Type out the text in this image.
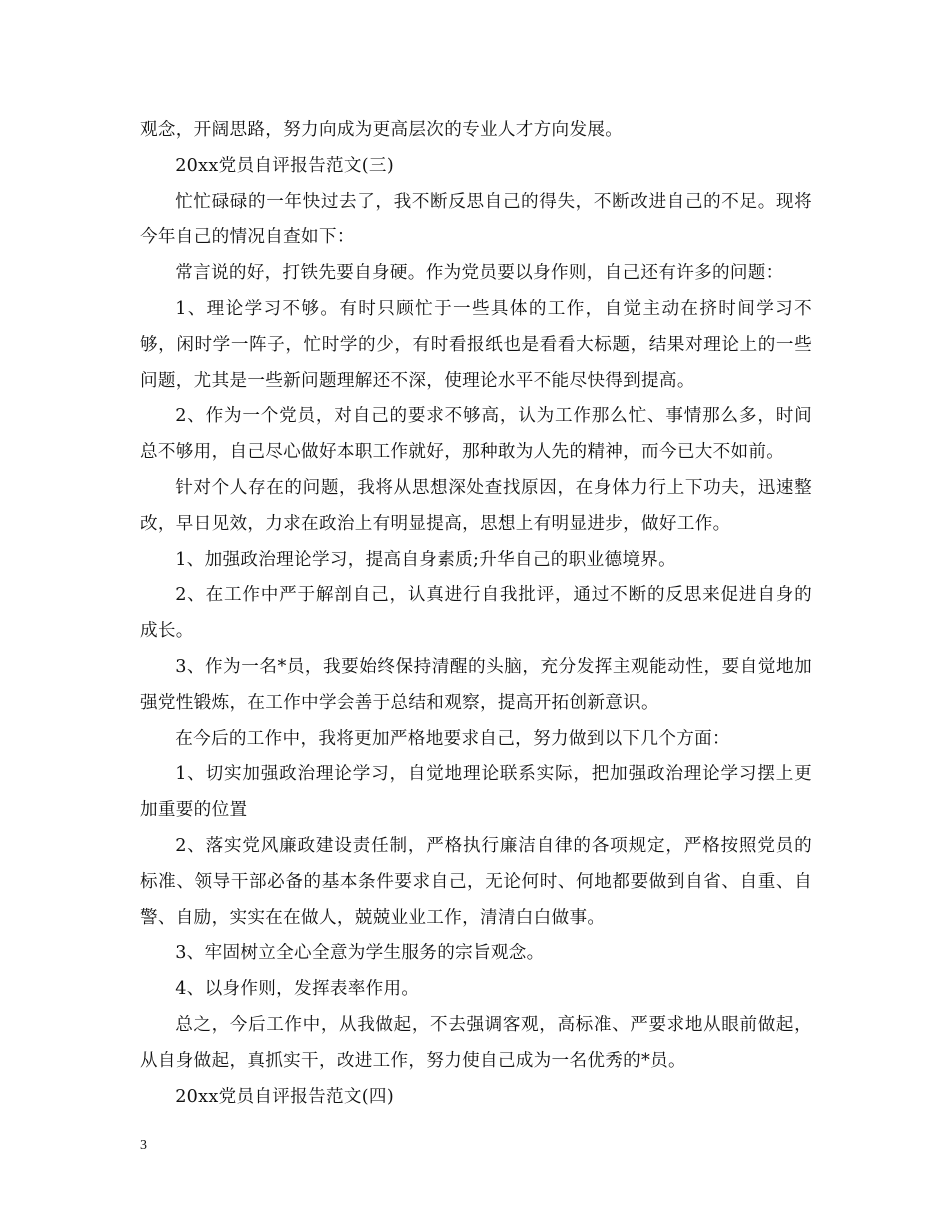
观念，开阔思路，努力向成为更高层次的专业人才方向发展。

20xx党员自评报告范文(三)

忙忙碌碌的一年快过去了，我不断反思自己的得失，不断改进自己的不足。现将今年自己的情况自查如下：

常言说的好，打铁先要自身硬。作为党员要以身作则，自己还有许多的问题：

1、理论学习不够。有时只顾忙于一些具体的工作，自觉主动在挤时间学习不够，闲时学一阵子，忙时学的少，有时看报纸也是看看大标题，结果对理论上的一些问题，尤其是一些新问题理解还不深，使理论水平不能尽快得到提高。

2、作为一个党员，对自己的要求不够高，认为工作那么忙、事情那么多，时间总不够用，自己尽心做好本职工作就好，那种敢为人先的精神，而今已大不如前。

针对个人存在的问题，我将从思想深处查找原因，在身体力行上下功夫，迅速整改，早日见效，力求在政治上有明显提高，思想上有明显进步，做好工作。

1、加强政治理论学习，提高自身素质;升华自己的职业德境界。

2、在工作中严于解剖自己，认真进行自我批评，通过不断的反思来促进自身的成长。

3、作为一名*员，我要始终保持清醒的头脑，充分发挥主观能动性，要自觉地加强党性锻炼，在工作中学会善于总结和观察，提高开拓创新意识。

在今后的工作中，我将更加严格地要求自己，努力做到以下几个方面：

1、切实加强政治理论学习，自觉地理论联系实际，把加强政治理论学习摆上更加重要的位置

2、落实党风廉政建设责任制，严格执行廉洁自律的各项规定，严格按照党员的标准、领导干部必备的基本条件要求自己，无论何时、何地都要做到自省、自重、自警、自励，实实在在做人，兢兢业业工作，清清白白做事。

3、牢固树立全心全意为学生服务的宗旨观念。

4、以身作则，发挥表率作用。

总之，今后工作中，从我做起，不去强调客观，高标准、严要求地从眼前做起，从自身做起，真抓实干，改进工作，努力使自己成为一名优秀的*员。

20xx党员自评报告范文(四)

3
